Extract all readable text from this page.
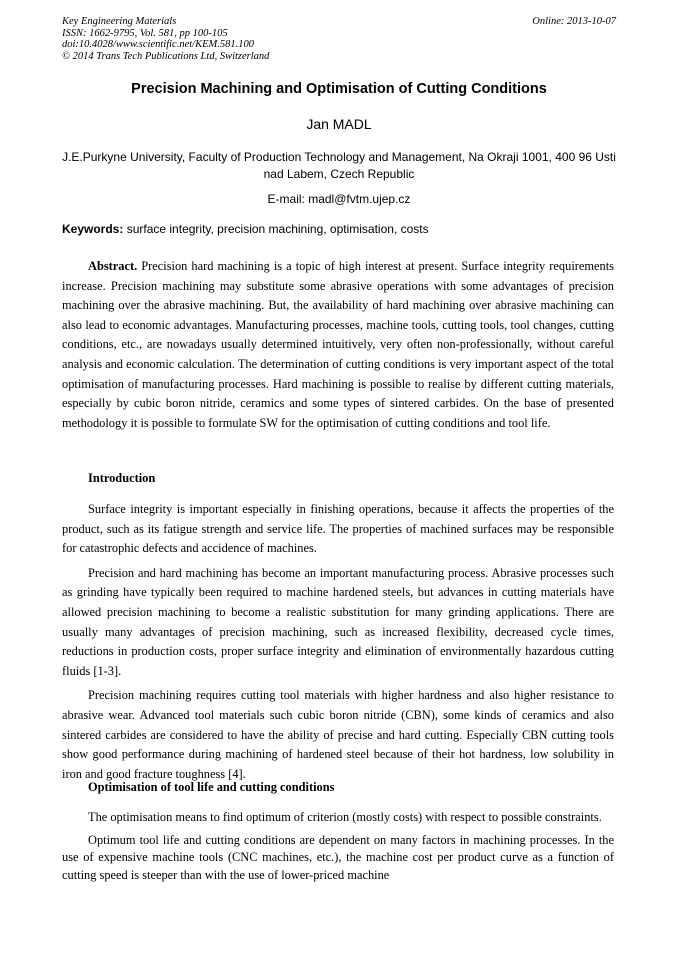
Key Engineering Materials
ISSN: 1662-9795, Vol. 581, pp 100-105
doi:10.4028/www.scientific.net/KEM.581.100
© 2014 Trans Tech Publications Ltd, Switzerland
Online: 2013-10-07
Precision Machining and Optimisation of Cutting Conditions
Jan MADL
J.E.Purkyne University, Faculty of Production Technology and Management, Na Okraji 1001, 400 96 Usti nad Labem, Czech Republic
E-mail: madl@fvtm.ujep.cz
Keywords: surface integrity, precision machining, optimisation, costs

Abstract. Precision hard machining is a topic of high interest at present. Surface integrity requirements increase. Precision machining may substitute some abrasive operations with some advantages of precision machining over the abrasive machining. But, the availability of hard machining over abrasive machining can also lead to economic advantages. Manufacturing processes, machine tools, cutting tools, tool changes, cutting conditions, etc., are nowadays usually determined intuitively, very often non-professionally, without careful analysis and economic calculation. The determination of cutting conditions is very important aspect of the total optimisation of manufacturing processes. Hard machining is possible to realise by different cutting materials, especially by cubic boron nitride, ceramics and some types of sintered carbides. On the base of presented methodology it is possible to formulate SW for the optimisation of cutting conditions and tool life.

Introduction

Surface integrity is important especially in finishing operations, because it affects the properties of the product, such as its fatigue strength and service life. The properties of machined surfaces may be responsible for catastrophic defects and accidence of machines.

Precision and hard machining has become an important manufacturing process. Abrasive processes such as grinding have typically been required to machine hardened steels, but advances in cutting materials have allowed precision machining to become a realistic substitution for many grinding applications. There are usually many advantages of precision machining, such as increased flexibility, decreased cycle times, reductions in production costs, proper surface integrity and elimination of environmentally hazardous cutting fluids [1-3].

Precision machining requires cutting tool materials with higher hardness and also higher resistance to abrasive wear. Advanced tool materials such cubic boron nitride (CBN), some kinds of ceramics and also sintered carbides are considered to have the ability of precise and hard cutting. Especially CBN cutting tools show good performance during machining of hardened steel because of their hot hardness, low solubility in iron and good fracture toughness [4].

Optimisation of tool life and cutting conditions

The optimisation means to find optimum of criterion (mostly costs) with respect to possible constraints.

Optimum tool life and cutting conditions are dependent on many factors in machining processes. In the use of expensive machine tools (CNC machines, etc.), the machine cost per product curve as a function of cutting speed is steeper than with the use of lower-priced machine
